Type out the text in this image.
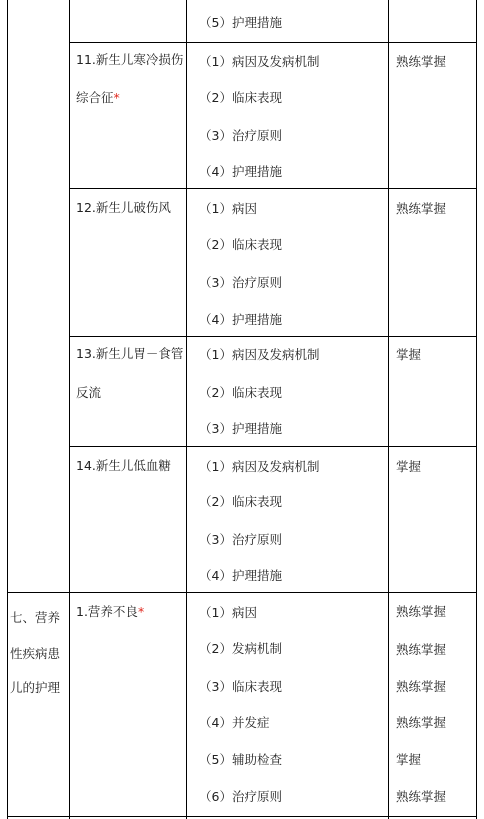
（5）护理措施
11.新生儿寒冷损伤
综合征*
（1）病因及发病机制
（2）临床表现
（3）治疗原则
（4）护理措施
熟练掌握
12.新生儿破伤风 （1）病因
（2）临床表现
（3）治疗原则
（4）护理措施
熟练掌握
13.新生儿胃－食管
反流
（1）病因及发病机制
（2）临床表现
（3）护理措施
掌握
14.新生儿低血糖 （1）病因及发病机制
（2）临床表现
（3）治疗原则
（4）护理措施
掌握
七、营养
性疾病患
儿的护理
1.营养不良*	（1）病因
（2）发病机制
（3）临床表现
（4）并发症
（5）辅助检查
（6）治疗原则
熟练掌握
熟练掌握
熟练掌握
熟练掌握
掌握
熟练掌握
